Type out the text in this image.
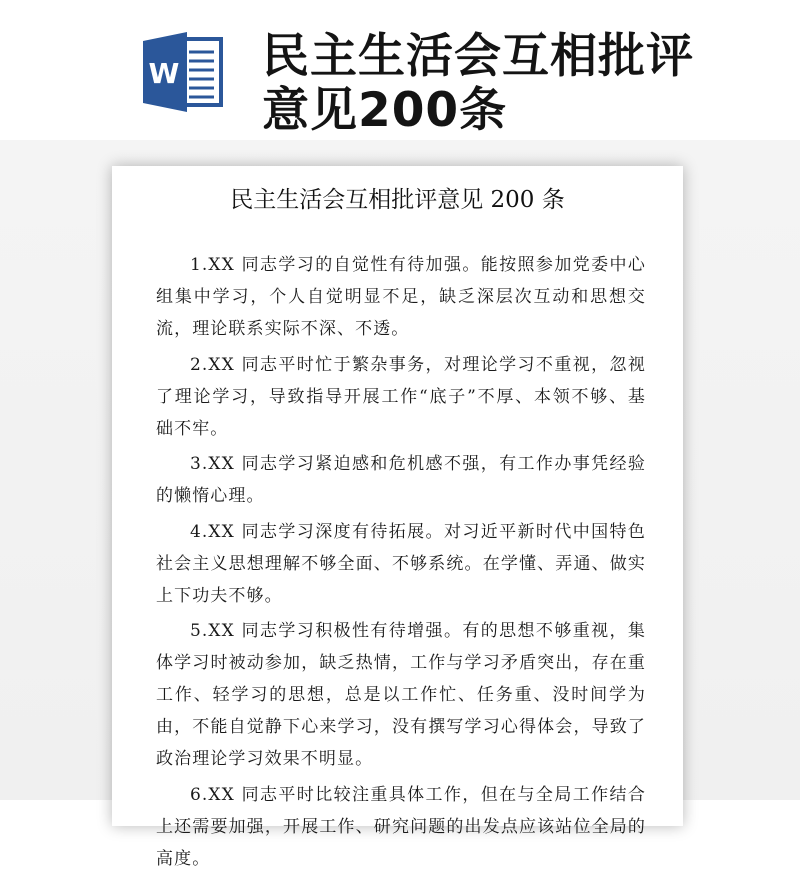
W 民主生活会互相批评
意见200条
民主生活会互相批评意见 200 条

1.XX 同志学习的自觉性有待加强。能按照参加党委中心组集中学习，个人自觉明显不足，缺乏深层次互动和思想交流，理论联系实际不深、不透。

2.XX 同志平时忙于繁杂事务，对理论学习不重视，忽视了理论学习，导致指导开展工作“底子”不厚、本领不够、基础不牢。

3.XX 同志学习紧迫感和危机感不强，有工作办事凭经验的懒惰心理。

4.XX 同志学习深度有待拓展。对习近平新时代中国特色社会主义思想理解不够全面、不够系统。在学懂、弄通、做实上下功夫不够。

5.XX 同志学习积极性有待增强。有的思想不够重视，集体学习时被动参加，缺乏热情，工作与学习矛盾突出，存在重工作、轻学习的思想，总是以工作忙、任务重、没时间学为由，不能自觉静下心来学习，没有撰写学习心得体会，导致了政治理论学习效果不明显。

6.XX 同志平时比较注重具体工作，但在与全局工作结合上还需要加强，开展工作、研究问题的出发点应该站位全局的高度。
